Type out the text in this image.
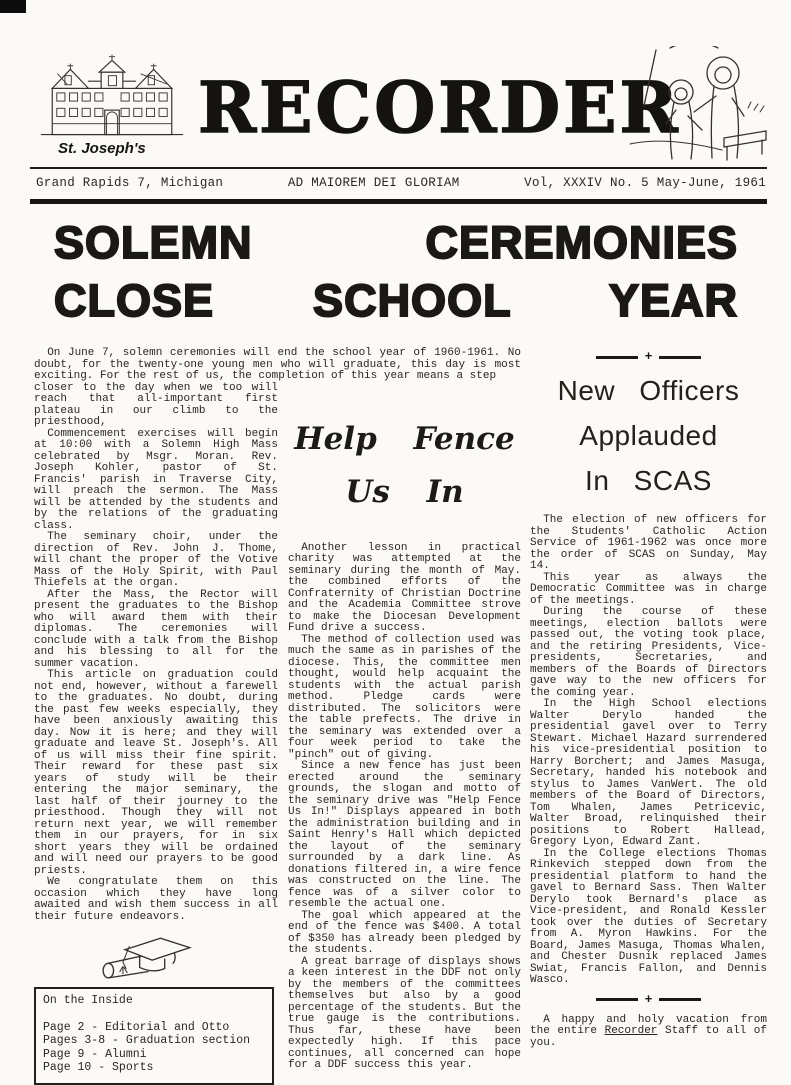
St. Joseph's RECORDER
Grand Rapids 7, Michigan	AD MAIOREM DEI GLORIAM	Vol, XXXIV No. 5 May-June, 1961
SOLEMN CEREMONIES
CLOSE SCHOOL YEAR

On June 7, solemn ceremonies will end the school year of 1960-1961. No doubt, for the twenty-one young men who will graduate, this day is most exciting. For the rest of us, the completion of this year means a step

closer to the day when we too will reach that all-important first plateau in our climb to the priesthood,

Commencement exercises will begin at 10:00 with a Solemn High Mass celebrated by Msgr. Moran. Rev. Joseph Kohler, pastor of St. Francis' parish in Traverse City, will preach the sermon. The Mass will be attended by the students and by the relations of the graduating class.

The seminary choir, under the direction of Rev. John J. Thome, will chant the proper of the Votive Mass of the Holy Spirit, with Paul Thiefels at the organ.

After the Mass, the Rector will present the graduates to the Bishop who will award them with their diplomas. The ceremonies will conclude with a talk from the Bishop and his blessing to all for the summer vacation.

This article on graduation could not end, however, without a farewell to the graduates. No doubt, during the past few weeks especially, they have been anxiously awaiting this day. Now it is here; and they will graduate and leave St. Joseph's. All of us will miss their fine spirit. Their reward for these past six years of study will be their entering the major seminary, the last half of their journey to the priesthood. Though they will not return next year, we will remember them in our prayers, for in six short years they will be ordained and will need our prayers to be good priests.

We congratulate them on this occasion which they have long awaited and wish them success in all their future endeavors.

On the Inside
Page 2 - Editorial and Otto
Pages 3-8 - Graduation section
Page 9 - Alumni
Page 10 - Sports
Help Fence
Us In

Another lesson in practical charity was attempted at the seminary during the month of May. the combined efforts of the Confraternity of Christian Doctrine and the Academia Committee strove to make the Diocesan Development Fund drive a success.

The method of collection used was much the same as in parishes of the diocese. This, the committee men thought, would help acquaint the students with the actual parish method. Pledge cards were distributed. The solicitors were the table prefects. The drive in the seminary was extended over a four week period to take the "pinch" out of giving.

Since a new fence has just been erected around the seminary grounds, the slogan and motto of the seminary drive was "Help Fence Us In!" Displays appeared in both the administration building and in Saint Henry's Hall which depicted the layout of the seminary surrounded by a dark line. As donations filtered in, a wire fence was constructed on the line. The fence was of a silver color to resemble the actual one.

The goal which appeared at the end of the fence was $400. A total of $350 has already been pledged by the students.

A great barrage of displays shows a keen interest in the DDF not only by the members of the committees themselves but also by a good percentage of the students. But the true gauge is the contributions. Thus far, these have been expectedly high. If this pace continues, all concerned can hope for a DDF success this year.

+
New Officers
Applauded
In SCAS

The election of new officers for the Students' Catholic Action Service of 1961-1962 was once more the order of SCAS on Sunday, May 14.

This year as always the Democratic Committee was in charge of the meetings.

During the course of these meetings, election ballots were passed out, the voting took place, and the retiring Presidents, Vice-presidents, Secretaries, and members of the Boards of Directors gave way to the new officers for the coming year.

In the High School elections Walter Derylo handed the presidential gavel over to Terry Stewart. Michael Hazard surrendered his vice-presidential position to Harry Borchert; and James Masuga, Secretary, handed his notebook and stylus to James VanWert. The old members of the Board of Directors, Tom Whalen, James Petricevic, Walter Broad, relinquished their positions to Robert Hallead, Gregory Lyon, Edward Zant.

In the College elections Thomas Rinkevich stepped down from the presidential platform to hand the gavel to Bernard Sass. Then Walter Derylo took Bernard's place as Vice-president, and Ronald Kessler took over the duties of Secretary from A. Myron Hawkins. For the Board, James Masuga, Thomas Whalen, and Chester Dusnik replaced James Swiat, Francis Fallon, and Dennis Wasco.

+

A happy and holy vacation from the entire Recorder Staff to all of you.
